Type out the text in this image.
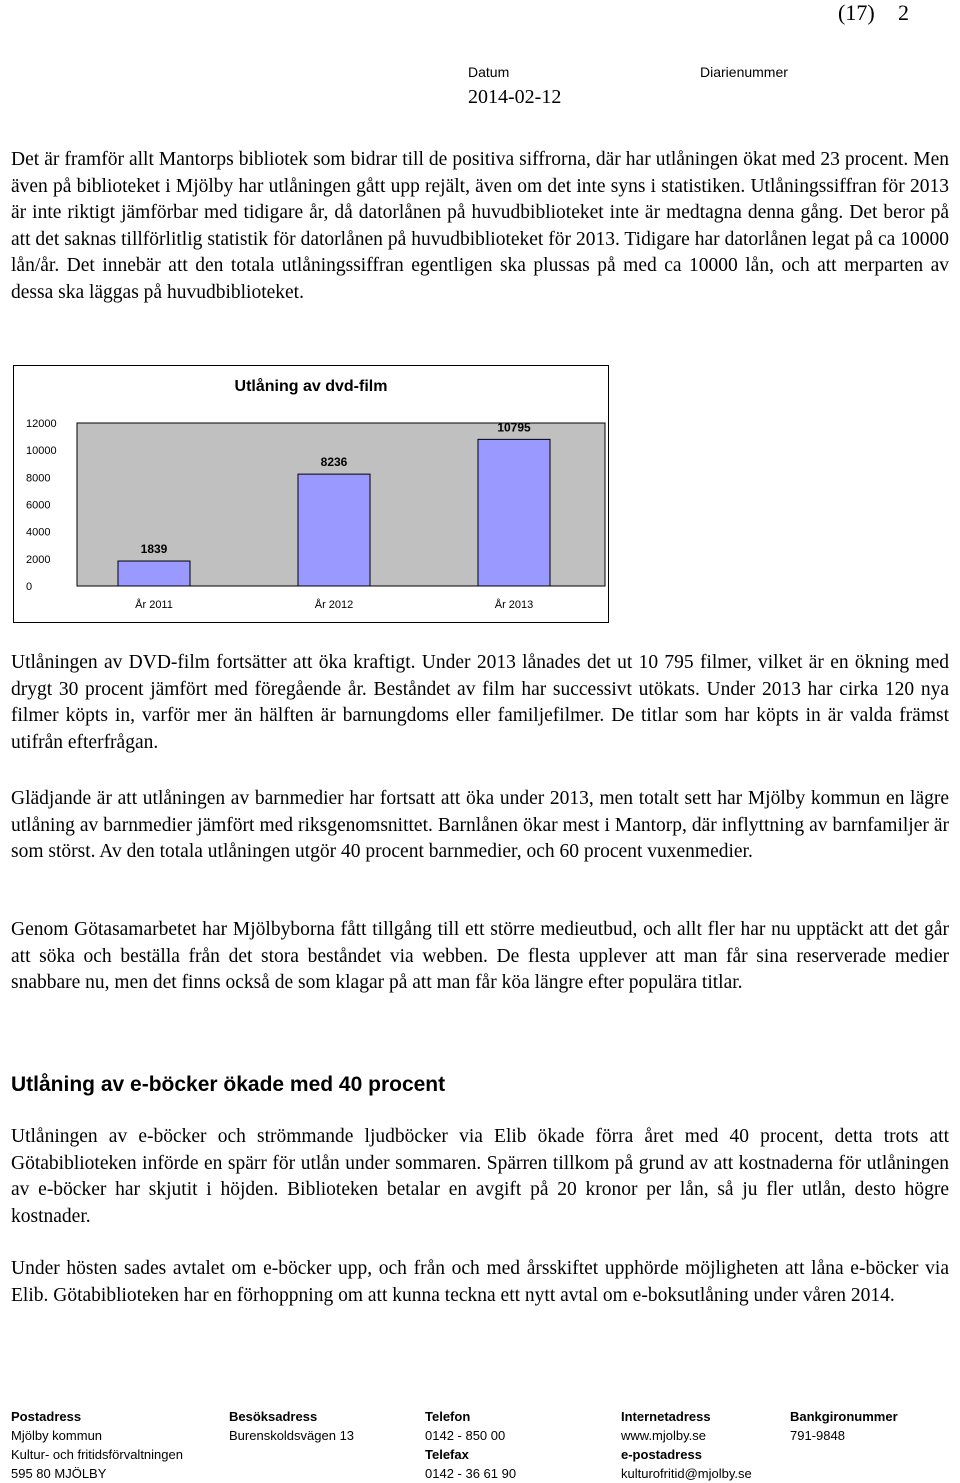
(17) 2
Datum	Diarienummer
2014-02-12

Det är framför allt Mantorps bibliotek som bidrar till de positiva siffrorna, där har utlåningen ökat med 23 procent. Men även på biblioteket i Mjölby har utlåningen gått upp rejält, även om det inte syns i statistiken. Utlåningssiffran för 2013 är inte riktigt jämförbar med tidigare år, då datorlånen på huvudbiblioteket inte är medtagna denna gång. Det beror på att det saknas tillförlitlig statistik för datorlånen på huvudbiblioteket för 2013. Tidigare har datorlånen legat på ca 10000 lån/år. Det innebär att den totala utlåningssiffran egentligen ska plussas på med ca 10000 lån, och att merparten av dessa ska läggas på huvudbiblioteket.

Utlåning av dvd-film
0
2000
4000
6000
8000
10000
12000
1839
8236
10795
År 2011	År 2012	År 2013

Utlåningen av DVD-film fortsätter att öka kraftigt. Under 2013 lånades det ut 10 795 filmer, vilket är en ökning med drygt 30 procent jämfört med föregående år. Beståndet av film har successivt utökats. Under 2013 har cirka 120 nya filmer köpts in, varför mer än hälften är barnungdoms eller familjefilmer. De titlar som har köpts in är valda främst utifrån efterfrågan.

Glädjande är att utlåningen av barnmedier har fortsatt att öka under 2013, men totalt sett har Mjölby kommun en lägre utlåning av barnmedier jämfört med riksgenomsnittet. Barnlånen ökar mest i Mantorp, där inflyttning av barnfamiljer är som störst. Av den totala utlåningen utgör 40 procent barnmedier, och 60 procent vuxenmedier.

Genom Götasamarbetet har Mjölbyborna fått tillgång till ett större medieutbud, och allt fler har nu upptäckt att det går att söka och beställa från det stora beståndet via webben. De flesta upplever att man får sina reserverade medier snabbare nu, men det finns också de som klagar på att man får köa längre efter populära titlar.

Utlåning av e-böcker ökade med 40 procent

Utlåningen av e-böcker och strömmande ljudböcker via Elib ökade förra året med 40 procent, detta trots att Götabiblioteken införde en spärr för utlån under sommaren. Spärren tillkom på grund av att kostnaderna för utlåningen av e-böcker har skjutit i höjden. Biblioteken betalar en avgift på 20 kronor per lån, så ju fler utlån, desto högre kostnader.

Under hösten sades avtalet om e-böcker upp, och från och med årsskiftet upphörde möjligheten att låna e-böcker via Elib. Götabiblioteken har en förhoppning om att kunna teckna ett nytt avtal om e-boksutlåning under våren 2014.

Postadress
Mjölby kommun
Kultur- och fritidsförvaltningen
595 80 MJÖLBY
Besöksadress
Burenskoldsvägen 13
Telefon
0142 - 850 00
Telefax
0142 - 36 61 90
Internetadress
www.mjolby.se
e-postadress
kulturofritid@mjolby.se
Bankgironummer
791-9848
